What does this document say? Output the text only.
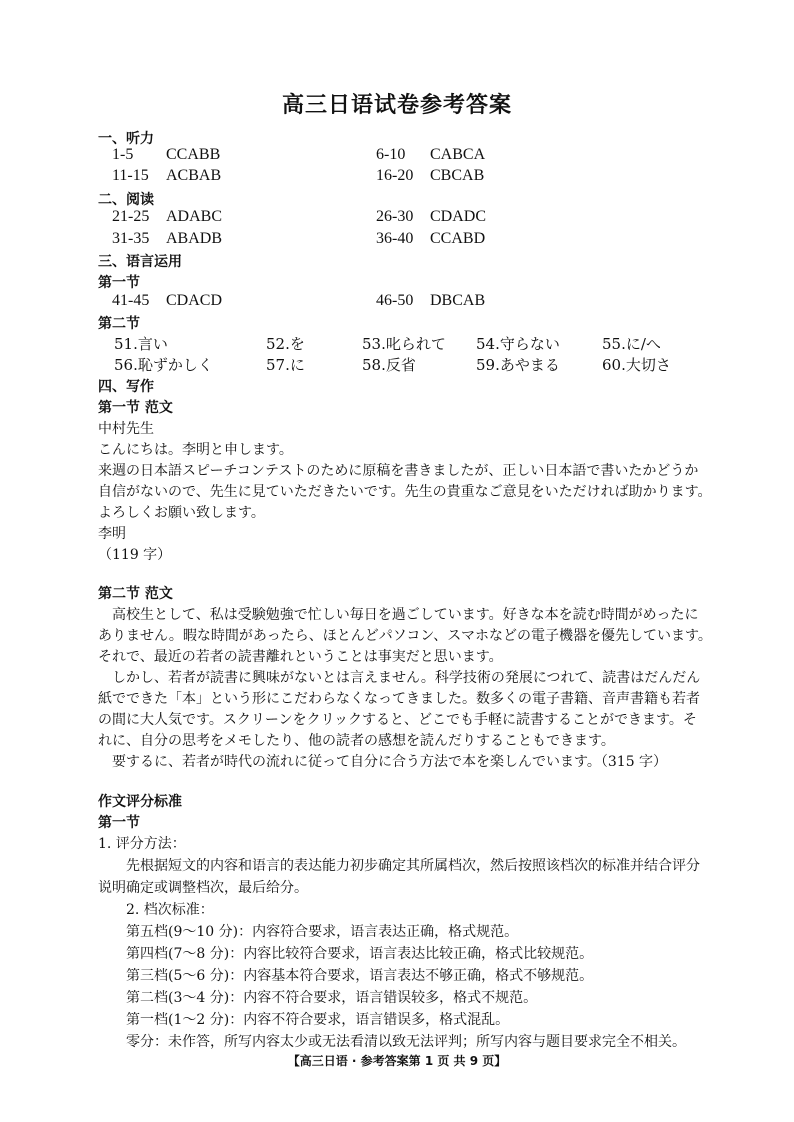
高三日语试卷参考答案
一、听力
1-5 CCABB	6-10 CABCA
11-15 ACBAB	16-20 CBCAB
二、阅读
21-25 ADABC	26-30 CDADC
31-35 ABADB	36-40 CCABD
三、语言运用
第一节
41-45 CDACD	46-50 DBCAB
第二节
51.言い	52.を	53.叱られて 54.守らない	55.に/へ
56.恥ずかしく	57.に	58.反省	59.あやまる	60.大切さ
四、写作
第一节 范文
中村先生
こんにちは。李明と申します。
来週の日本語スピーチコンテストのために原稿を書きましたが、正しい日本語で書いたかどうか
自信がないので、先生に見ていただきたいです。先生の貴重なご意見をいただければ助かります。
よろしくお願い致します。
李明
（119 字）
第二节 范文
高校生として、私は受験勉強で忙しい毎日を過ごしています。好きな本を読む時間がめったに
ありません。暇な時間があったら、ほとんどパソコン、スマホなどの電子機器を優先しています。
それで、最近の若者の読書離れということは事実だと思います。
しかし、若者が読書に興味がないとは言えません。科学技術の発展につれて、読書はだんだん
紙でできた「本」という形にこだわらなくなってきました。数多くの電子書籍、音声書籍も若者
の間に大人気です。スクリーンをクリックすると、どこでも手軽に読書することができます。そ
れに、自分の思考をメモしたり、他の読者の感想を読んだりすることもできます。
要するに、若者が時代の流れに従って自分に合う方法で本を楽しんでいます。（315 字）
作文评分标准
第一节
1. 评分方法：
先根据短文的内容和语言的表达能力初步确定其所属档次，然后按照该档次的标准并结合评分
说明确定或调整档次，最后给分。
2. 档次标准：
第五档(9～10 分)：内容符合要求，语言表达正确，格式规范。
第四档(7～8 分)：内容比较符合要求，语言表达比较正确，格式比较规范。
第三档(5～6 分)：内容基本符合要求，语言表达不够正确，格式不够规范。
第二档(3～4 分)：内容不符合要求，语言错误较多，格式不规范。
第一档(1～2 分)：内容不符合要求，语言错误多，格式混乱。
零分：未作答，所写内容太少或无法看清以致无法评判；所写内容与题目要求完全不相关。
【高三日语 · 参考答案第 1 页 共 9 页】
